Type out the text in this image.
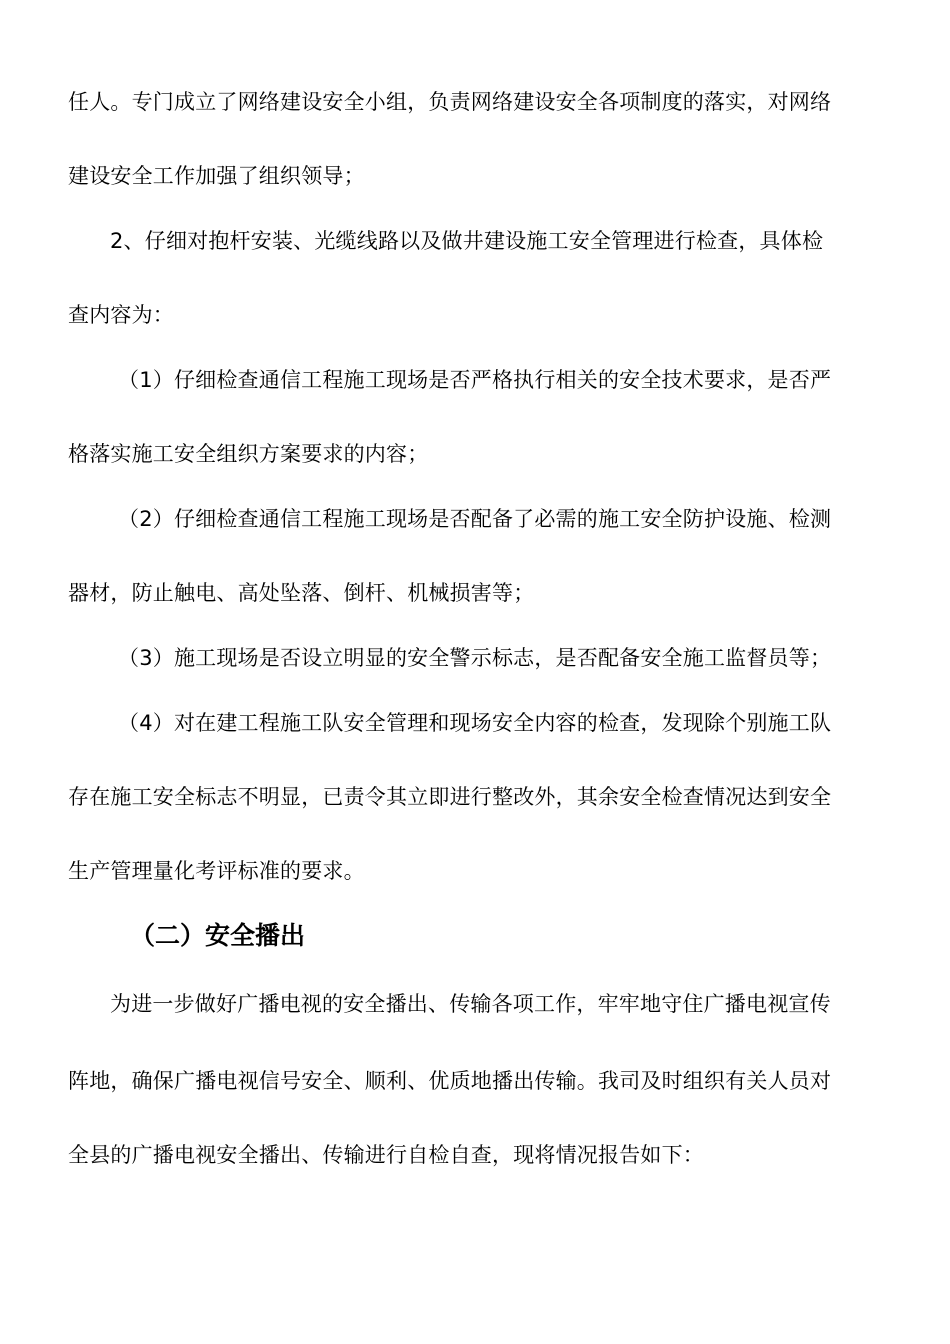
任人。专门成立了网络建设安全小组，负责网络建设安全各项制度的落实，对网络
建设安全工作加强了组织领导；
2、仔细对抱杆安装、光缆线路以及做井建设施工安全管理进行检查，具体检
查内容为：
（1）仔细检查通信工程施工现场是否严格执行相关的安全技术要求，是否严
格落实施工安全组织方案要求的内容；
（2）仔细检查通信工程施工现场是否配备了必需的施工安全防护设施、检测
器材，防止触电、高处坠落、倒杆、机械损害等；
（3）施工现场是否设立明显的安全警示标志，是否配备安全施工监督员等；
（4）对在建工程施工队安全管理和现场安全内容的检查，发现除个别施工队
存在施工安全标志不明显，已责令其立即进行整改外，其余安全检查情况达到安全
生产管理量化考评标准的要求。
（二）安全播出
为进一步做好广播电视的安全播出、传输各项工作，牢牢地守住广播电视宣传
阵地，确保广播电视信号安全、顺利、优质地播出传输。我司及时组织有关人员对
全县的广播电视安全播出、传输进行自检自查，现将情况报告如下：
